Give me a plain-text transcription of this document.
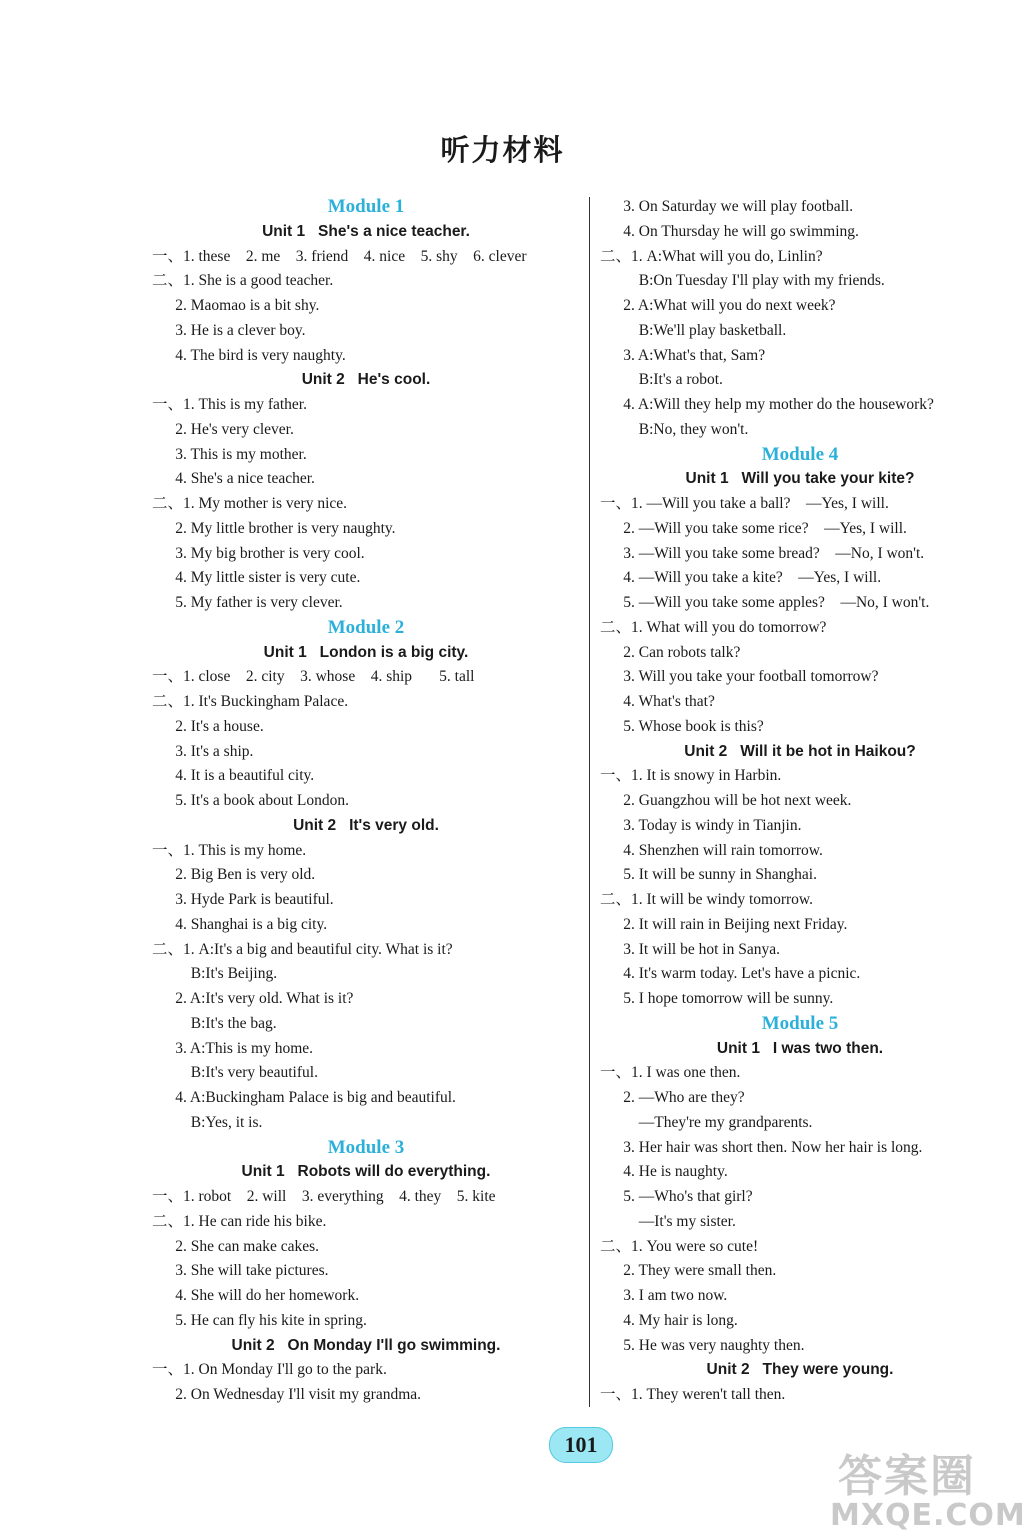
听力材料
Module 1
Unit 1   She's a nice teacher.
一、1. these    2. me    3. friend    4. nice    5. shy    6. clever
二、1. She is a good teacher.
2. Maomao is a bit shy.
3. He is a clever boy.
4. The bird is very naughty.
Unit 2   He's cool.
一、1. This is my father.
2. He's very clever.
3. This is my mother.
4. She's a nice teacher.
二、1. My mother is very nice.
2. My little brother is very naughty.
3. My big brother is very cool.
4. My little sister is very cute.
5. My father is very clever.
Module 2
Unit 1   London is a big city.
一、1. close    2. city    3. whose    4. ship       5. tall
二、1. It's Buckingham Palace.
2. It's a house.
3. It's a ship.
4. It is a beautiful city.
5. It's a book about London.
Unit 2   It's very old.
一、1. This is my home.
2. Big Ben is very old.
3. Hyde Park is beautiful.
4. Shanghai is a big city.
二、1. A:It's a big and beautiful city. What is it?
B:It's Beijing.
2. A:It's very old. What is it?
B:It's the bag.
3. A:This is my home.
B:It's very beautiful.
4. A:Buckingham Palace is big and beautiful.
B:Yes, it is.
Module 3
Unit 1   Robots will do everything.
一、1. robot    2. will    3. everything    4. they    5. kite
二、1. He can ride his bike.
2. She can make cakes.
3. She will take pictures.
4. She will do her homework.
5. He can fly his kite in spring.
Unit 2   On Monday I'll go swimming.
一、1. On Monday I'll go to the park.
2. On Wednesday I'll visit my grandma.
3. On Saturday we will play football.
4. On Thursday he will go swimming.
二、1. A:What will you do, Linlin?
B:On Tuesday I'll play with my friends.
2. A:What will you do next week?
B:We'll play basketball.
3. A:What's that, Sam?
B:It's a robot.
4. A:Will they help my mother do the housework?
B:No, they won't.
Module 4
Unit 1   Will you take your kite?
一、1. —Will you take a ball?    —Yes, I will.
2. —Will you take some rice?    —Yes, I will.
3. —Will you take some bread?    —No, I won't.
4. —Will you take a kite?    —Yes, I will.
5. —Will you take some apples?    —No, I won't.
二、1. What will you do tomorrow?
2. Can robots talk?
3. Will you take your football tomorrow?
4. What's that?
5. Whose book is this?
Unit 2   Will it be hot in Haikou?
一、1. It is snowy in Harbin.
2. Guangzhou will be hot next week.
3. Today is windy in Tianjin.
4. Shenzhen will rain tomorrow.
5. It will be sunny in Shanghai.
二、1. It will be windy tomorrow.
2. It will rain in Beijing next Friday.
3. It will be hot in Sanya.
4. It's warm today. Let's have a picnic.
5. I hope tomorrow will be sunny.
Module 5
Unit 1   I was two then.
一、1. I was one then.
2. —Who are they?
—They're my grandparents.
3. Her hair was short then. Now her hair is long.
4. He is naughty.
5. —Who's that girl?
—It's my sister.
二、1. You were so cute!
2. They were small then.
3. I am two now.
4. My hair is long.
5. He was very naughty then.
Unit 2   They were young.
一、1. They weren't tall then.
101
答案圈
MXQE.COM
